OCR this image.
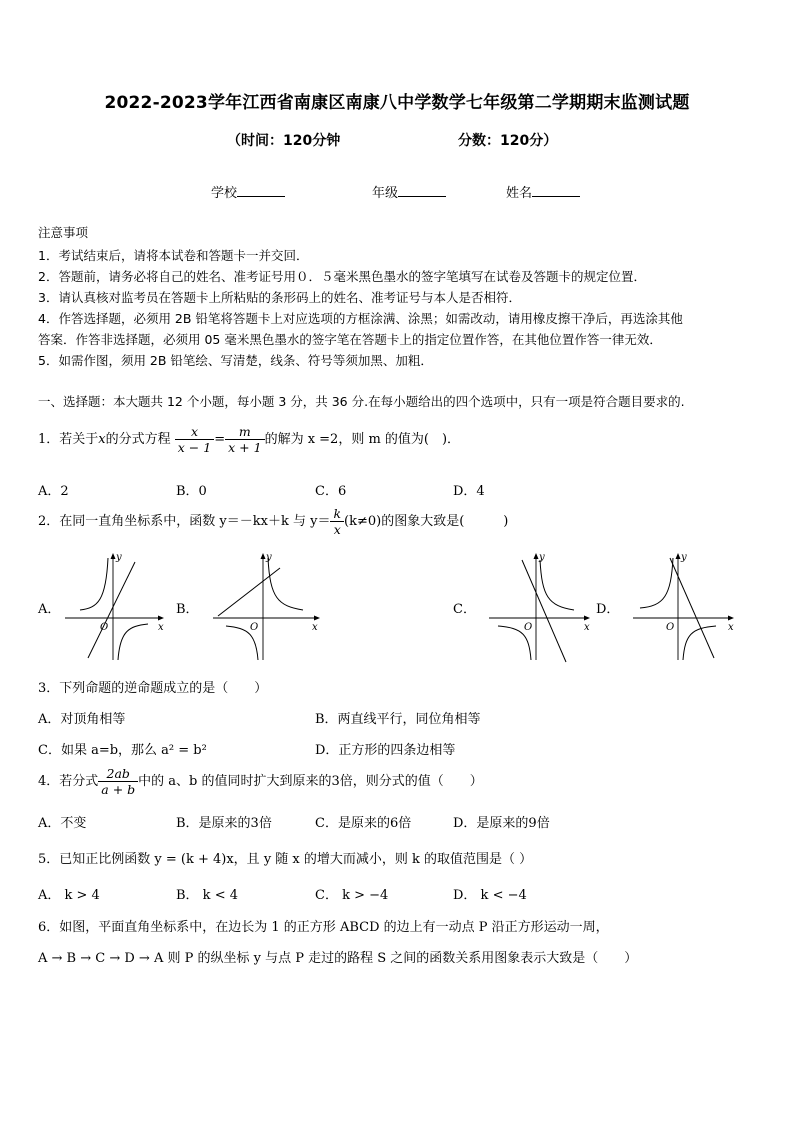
2022-2023学年江西省南康区南康八中学数学七年级第二学期期末监测试题
（时间：120分钟	分数：120分）
学校	年级	姓名
注意事项
1．考试结束后，请将本试卷和答题卡一并交回．
2．答题前，请务必将自己的姓名、准考证号用０．５毫米黑色墨水的签字笔填写在试卷及答题卡的规定位置．
3．请认真核对监考员在答题卡上所粘贴的条形码上的姓名、准考证号与本人是否相符．
4．作答选择题，必须用 2B 铅笔将答题卡上对应选项的方框涂满、涂黑；如需改动，请用橡皮擦干净后，再选涂其他
答案．作答非选择题，必须用 05 毫米黑色墨水的签字笔在答题卡上的指定位置作答，在其他位置作答一律无效．
5．如需作图，须用 2B 铅笔绘、写清楚，线条、符号等须加黑、加粗．
一、选择题：本大题共 12 个小题，每小题 3 分，共 36 分.在每小题给出的四个选项中，只有一项是符合题目要求的.
1．若关于x的分式方程 $\frac{x}{x - 1} = \frac{m}{x + 1}$ 的解为 x =2，则 m 的值为(　)．
A．2	B．0	C．6	D．4
2．在同一直角坐标系中，函数 y＝－kx＋k 与 $y= \frac{k}{x} (k\ne 0)$的图象大致是(　　　)
A．	B．	C．	D．
y
x
O
y
x
O
y
x
O
y
x
O
3．下列命题的逆命题成立的是（　　）
A．对顶角相等	B．两直线平行，同位角相等
C．如果 a=b，那么 a² = b²	D．正方形的四条边相等
4．若分式 $\frac{2ab}{a + b}$ 中的 a、b 的值同时扩大到原来的3倍，则分式的值（　　）
A．不变	B．是原来的3倍	C．是原来的6倍	D．是原来的9倍
5．已知正比例函数 y = (k + 4)x，且 y 随 x 的增大而减小，则 k 的取值范围是（ ）
A． k > 4	B． k < 4	C． k > −4	D． k < −4
6．如图，平面直角坐标系中，在边长为 1 的正方形 ABCD 的边上有一动点 P 沿正方形运动一周，
A → B → C → D → A 则 P 的纵坐标 y 与点 P 走过的路程 S 之间的函数关系用图象表示大致是（　　）
